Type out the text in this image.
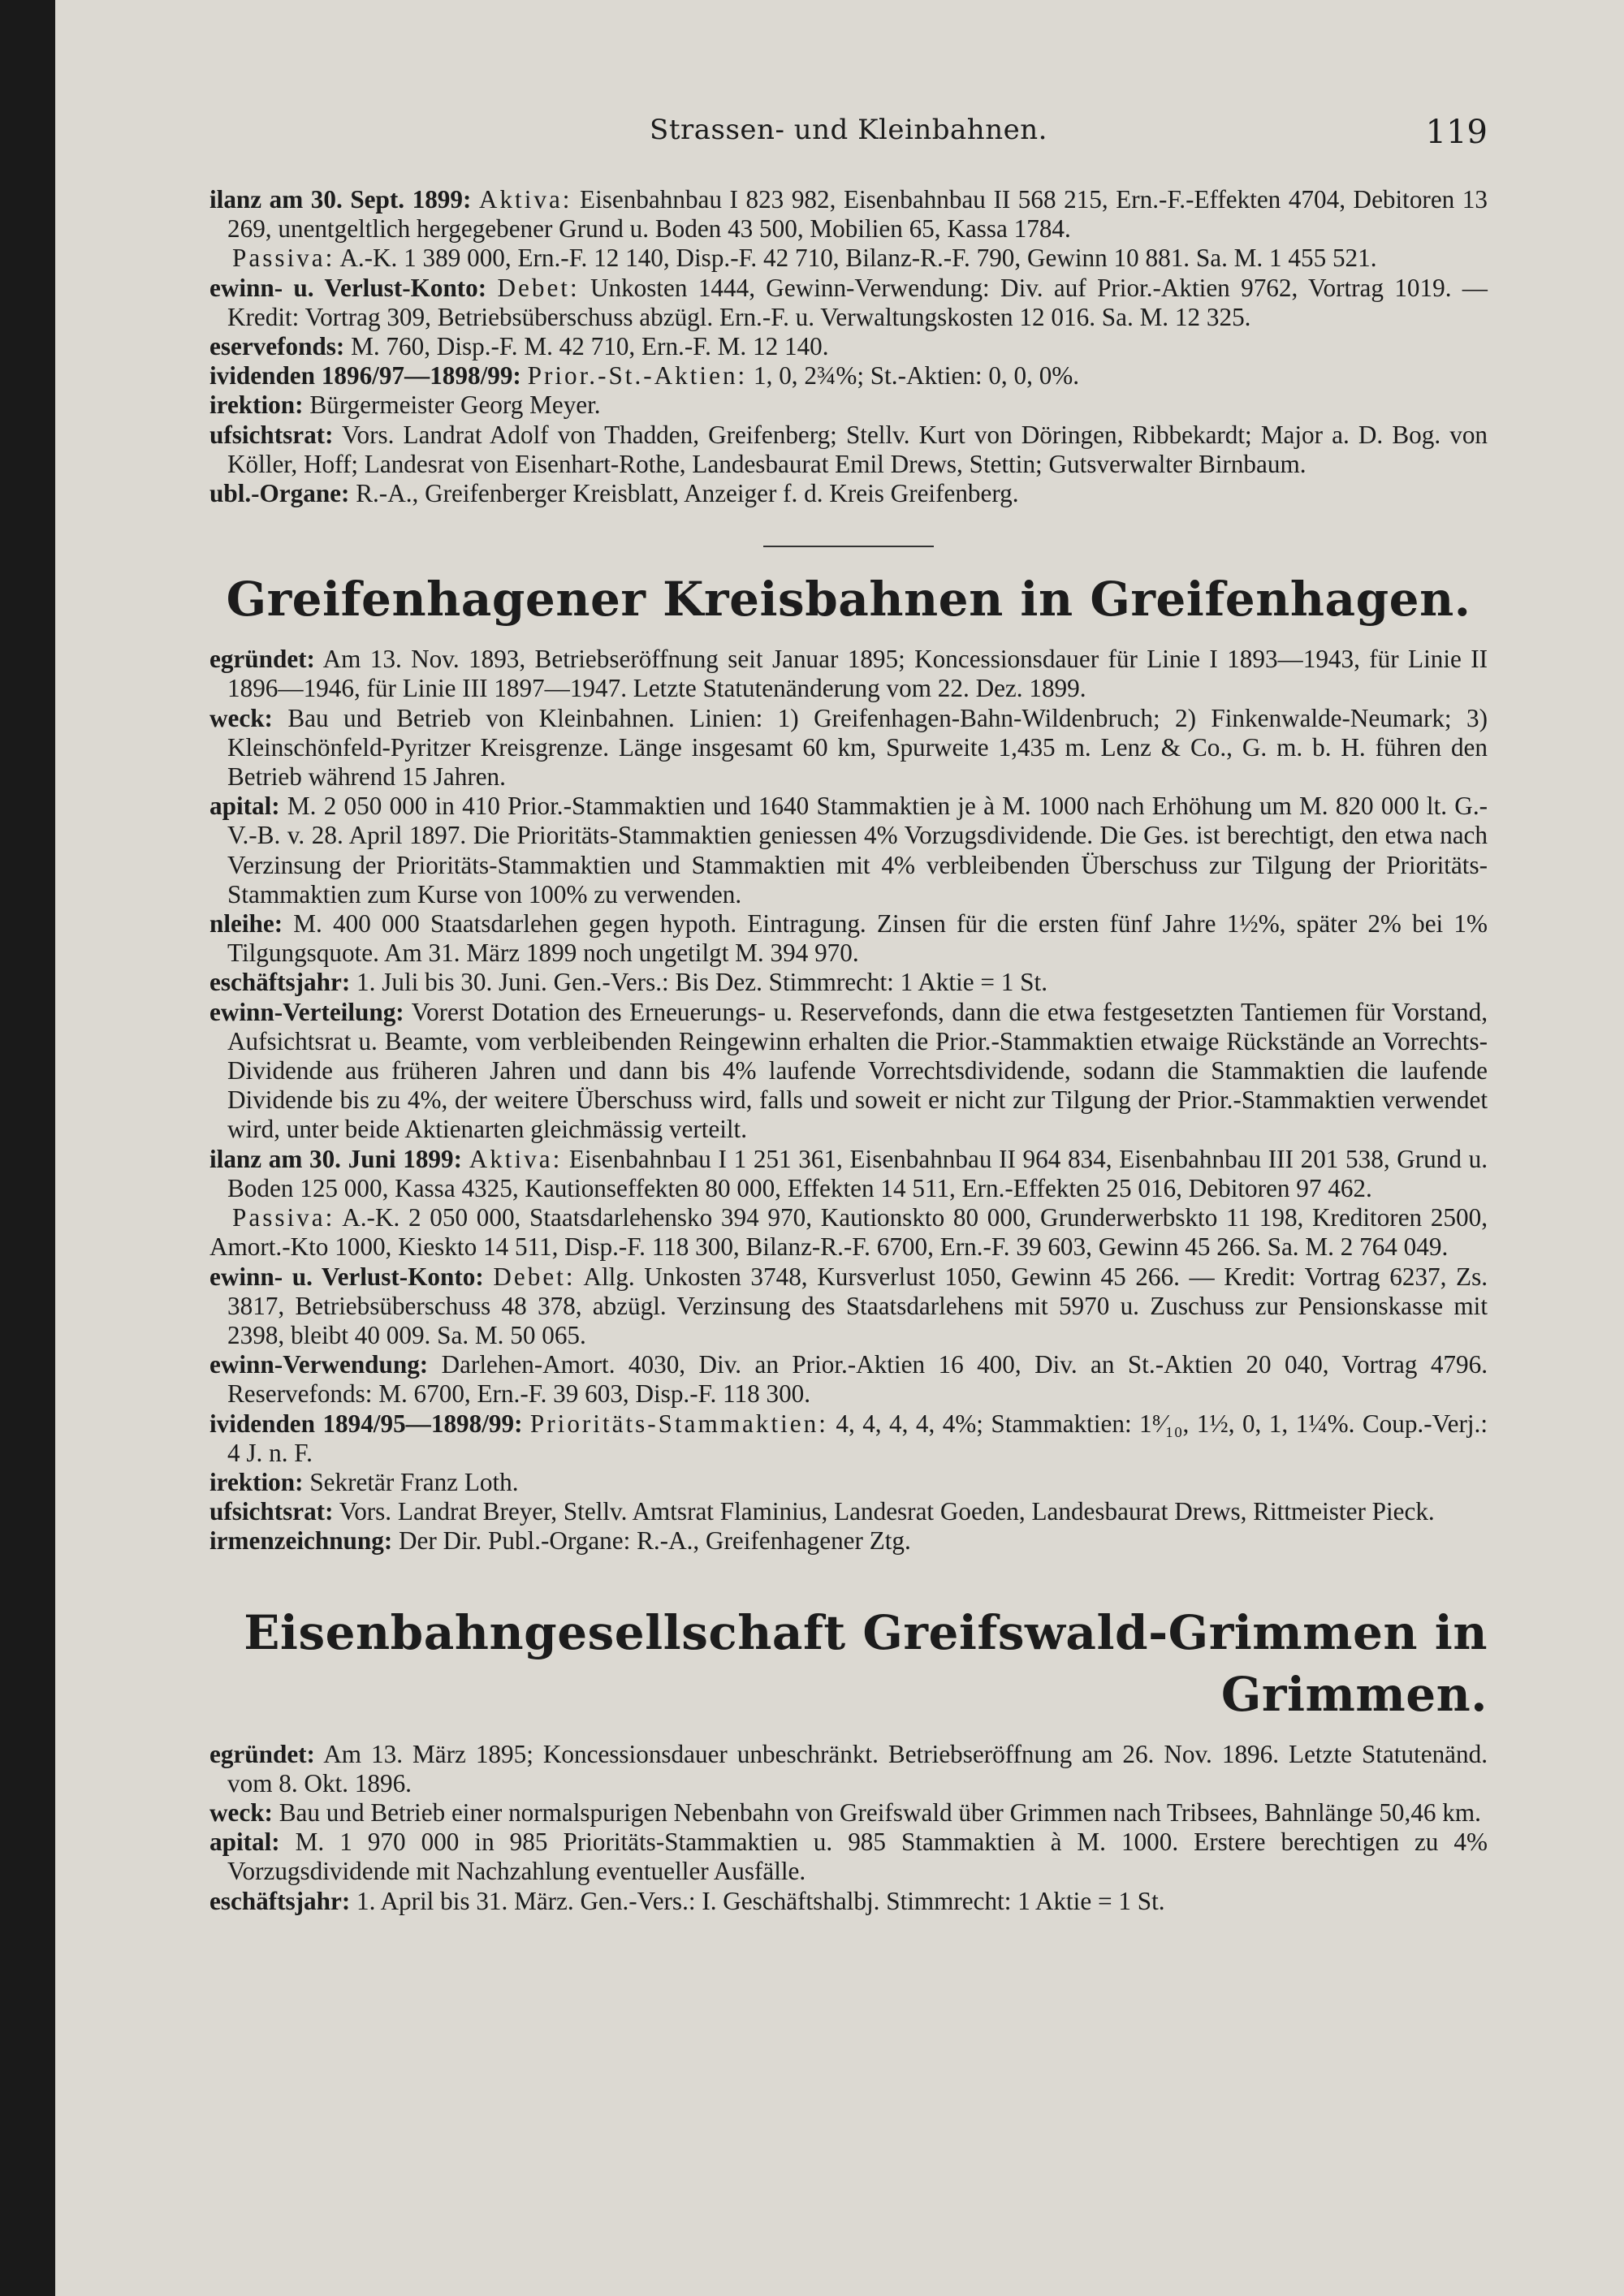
Strassen- und Kleinbahnen.	119

ilanz am 30. Sept. 1899: Aktiva: Eisenbahnbau I 823 982, Eisenbahnbau II 568 215, Ern.-F.-Effekten 4704, Debitoren 13 269, unentgeltlich hergegebener Grund u. Boden 43 500, Mobilien 65, Kassa 1784.

Passiva: A.-K. 1 389 000, Ern.-F. 12 140, Disp.-F. 42 710, Bilanz-R.-F. 790, Gewinn 10 881. Sa. M. 1 455 521.

ewinn- u. Verlust-Konto: Debet: Unkosten 1444, Gewinn-Verwendung: Div. auf Prior.-Aktien 9762, Vortrag 1019. — Kredit: Vortrag 309, Betriebsüberschuss abzügl. Ern.-F. u. Verwaltungskosten 12 016. Sa. M. 12 325.

eservefonds: M. 760, Disp.-F. M. 42 710, Ern.-F. M. 12 140.

ividenden 1896/97—1898/99: Prior.-St.-Aktien: 1, 0, 2¾%; St.-Aktien: 0, 0, 0%.

irektion: Bürgermeister Georg Meyer.

ufsichtsrat: Vors. Landrat Adolf von Thadden, Greifenberg; Stellv. Kurt von Döringen, Ribbekardt; Major a. D. Bog. von Köller, Hoff; Landesrat von Eisenhart-Rothe, Landesbaurat Emil Drews, Stettin; Gutsverwalter Birnbaum.

ubl.-Organe: R.-A., Greifenberger Kreisblatt, Anzeiger f. d. Kreis Greifenberg.

Greifenhagener Kreisbahnen in Greifenhagen.

egründet: Am 13. Nov. 1893, Betriebseröffnung seit Januar 1895; Koncessionsdauer für Linie I 1893—1943, für Linie II 1896—1946, für Linie III 1897—1947. Letzte Statutenänderung vom 22. Dez. 1899.

weck: Bau und Betrieb von Kleinbahnen. Linien: 1) Greifenhagen-Bahn-Wildenbruch; 2) Finkenwalde-Neumark; 3) Kleinschönfeld-Pyritzer Kreisgrenze. Länge insgesamt 60 km, Spurweite 1,435 m. Lenz & Co., G. m. b. H. führen den Betrieb während 15 Jahren.

apital: M. 2 050 000 in 410 Prior.-Stammaktien und 1640 Stammaktien je à M. 1000 nach Erhöhung um M. 820 000 lt. G.-V.-B. v. 28. April 1897. Die Prioritäts-Stammaktien geniessen 4% Vorzugsdividende. Die Ges. ist berechtigt, den etwa nach Verzinsung der Prioritäts-Stammaktien und Stammaktien mit 4% verbleibenden Überschuss zur Tilgung der Prioritäts-Stammaktien zum Kurse von 100% zu verwenden.

nleihe: M. 400 000 Staatsdarlehen gegen hypoth. Eintragung. Zinsen für die ersten fünf Jahre 1½%, später 2% bei 1% Tilgungsquote. Am 31. März 1899 noch ungetilgt M. 394 970.

eschäftsjahr: 1. Juli bis 30. Juni. Gen.-Vers.: Bis Dez. Stimmrecht: 1 Aktie = 1 St.

ewinn-Verteilung: Vorerst Dotation des Erneuerungs- u. Reservefonds, dann die etwa festgesetzten Tantiemen für Vorstand, Aufsichtsrat u. Beamte, vom verbleibenden Reingewinn erhalten die Prior.-Stammaktien etwaige Rückstände an Vorrechts-Dividende aus früheren Jahren und dann bis 4% laufende Vorrechtsdividende, sodann die Stammaktien die laufende Dividende bis zu 4%, der weitere Überschuss wird, falls und soweit er nicht zur Tilgung der Prior.-Stammaktien verwendet wird, unter beide Aktienarten gleichmässig verteilt.

ilanz am 30. Juni 1899: Aktiva: Eisenbahnbau I 1 251 361, Eisenbahnbau II 964 834, Eisenbahnbau III 201 538, Grund u. Boden 125 000, Kassa 4325, Kautionseffekten 80 000, Effekten 14 511, Ern.-Effekten 25 016, Debitoren 97 462.

Passiva: A.-K. 2 050 000, Staatsdarlehensko 394 970, Kautionskto 80 000, Grunderwerbskto 11 198, Kreditoren 2500, Amort.-Kto 1000, Kieskto 14 511, Disp.-F. 118 300, Bilanz-R.-F. 6700, Ern.-F. 39 603, Gewinn 45 266. Sa. M. 2 764 049.

ewinn- u. Verlust-Konto: Debet: Allg. Unkosten 3748, Kursverlust 1050, Gewinn 45 266. — Kredit: Vortrag 6237, Zs. 3817, Betriebsüberschuss 48 378, abzügl. Verzinsung des Staatsdarlehens mit 5970 u. Zuschuss zur Pensionskasse mit 2398, bleibt 40 009. Sa. M. 50 065.

ewinn-Verwendung: Darlehen-Amort. 4030, Div. an Prior.-Aktien 16 400, Div. an St.-Aktien 20 040, Vortrag 4796. Reservefonds: M. 6700, Ern.-F. 39 603, Disp.-F. 118 300.

ividenden 1894/95—1898/99: Prioritäts-Stammaktien: 4, 4, 4, 4, 4%; Stammaktien: 1⁸⁄₁₀, 1½, 0, 1, 1¼%. Coup.-Verj.: 4 J. n. F.

irektion: Sekretär Franz Loth.

ufsichtsrat: Vors. Landrat Breyer, Stellv. Amtsrat Flaminius, Landesrat Goeden, Landesbaurat Drews, Rittmeister Pieck.

irmenzeichnung: Der Dir. Publ.-Organe: R.-A., Greifenhagener Ztg.

Eisenbahngesellschaft Greifswald-Grimmen in Grimmen.

egründet: Am 13. März 1895; Koncessionsdauer unbeschränkt. Betriebseröffnung am 26. Nov. 1896. Letzte Statutenänd. vom 8. Okt. 1896.

weck: Bau und Betrieb einer normalspurigen Nebenbahn von Greifswald über Grimmen nach Tribsees, Bahnlänge 50,46 km.

apital: M. 1 970 000 in 985 Prioritäts-Stammaktien u. 985 Stammaktien à M. 1000. Erstere berechtigen zu 4% Vorzugsdividende mit Nachzahlung eventueller Ausfälle.

eschäftsjahr: 1. April bis 31. März. Gen.-Vers.: I. Geschäftshalbj. Stimmrecht: 1 Aktie = 1 St.
